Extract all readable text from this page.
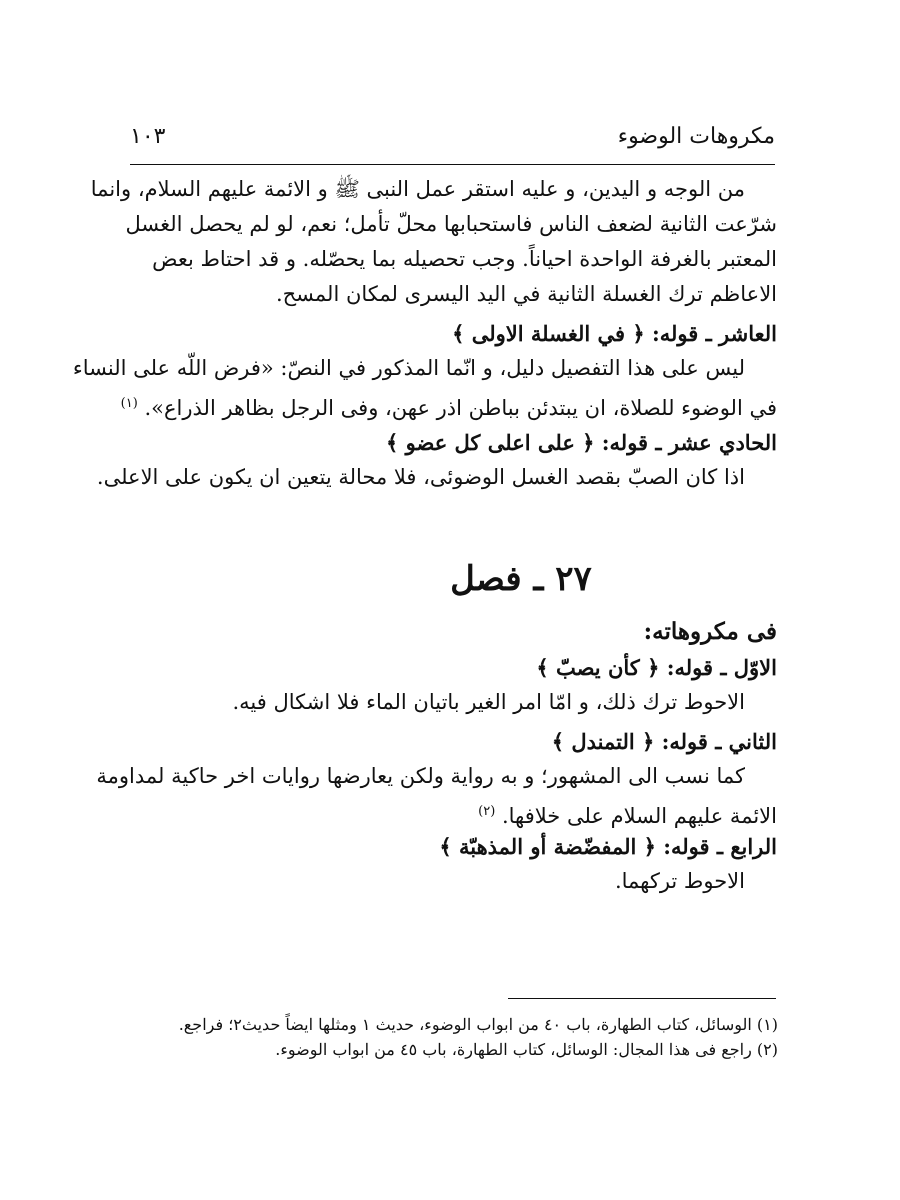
مکروهات الوضوء
۱۰۳
من الوجه و اليدين، و عليه استقر عمل النبی ﷺ و الائمة عليهم السلام، وانما
شرّعت الثانية لضعف الناس فاستحبابها محلّ تأمل؛ نعم، لو لم يحصل الغسل
المعتبر بالغرفة الواحدة احياناً. وجب تحصيله بما يحصّله. و قد احتاط بعض
الاعاظم ترك الغسلة الثانية في اليد اليسرى لمكان المسح.
العاشر ـ قوله: ﴿ في الغسلة الاولى ﴾
ليس على هذا التفصيل دليل، و انّما المذكور في النصّ: «فرض اللّه على النساء
في الوضوء للصلاة، ان يبتدئن بباطن اذر عهن، وفى الرجل بظاهر الذراع». $^{(۱)}$
الحادي عشر ـ قوله: ﴿ على اعلى كل عضو ﴾
اذا كان الصبّ بقصد الغسل الوضوئی، فلا محالة يتعين ان يكون على الاعلى.
۲۷ ـ فصل
فی مکروهاته:
الاوّل ـ قوله: ﴿ كأن يصبّ ﴾
الاحوط ترك ذلك، و امّا امر الغير باتيان الماء فلا اشكال فيه.
الثاني ـ قوله: ﴿ التمندل ﴾
كما نسب الى المشهور؛ و به رواية ولكن يعارضها روايات اخر حاكية لمداومة
الائمة عليهم السلام على خلافها. $^{(۲)}$
الرابع ـ قوله: ﴿ المفضّضة أو المذهبّة ﴾
الاحوط تركهما.
(۱) الوسائل، كتاب الطهارة، باب ٤٠ من ابواب الوضوء، حديث ۱ ومثلها ايضاً حديث۲؛ فراجع.
(۲) راجع فى هذا المجال: الوسائل، كتاب الطهارة، باب ٤٥ من ابواب الوضوء.
